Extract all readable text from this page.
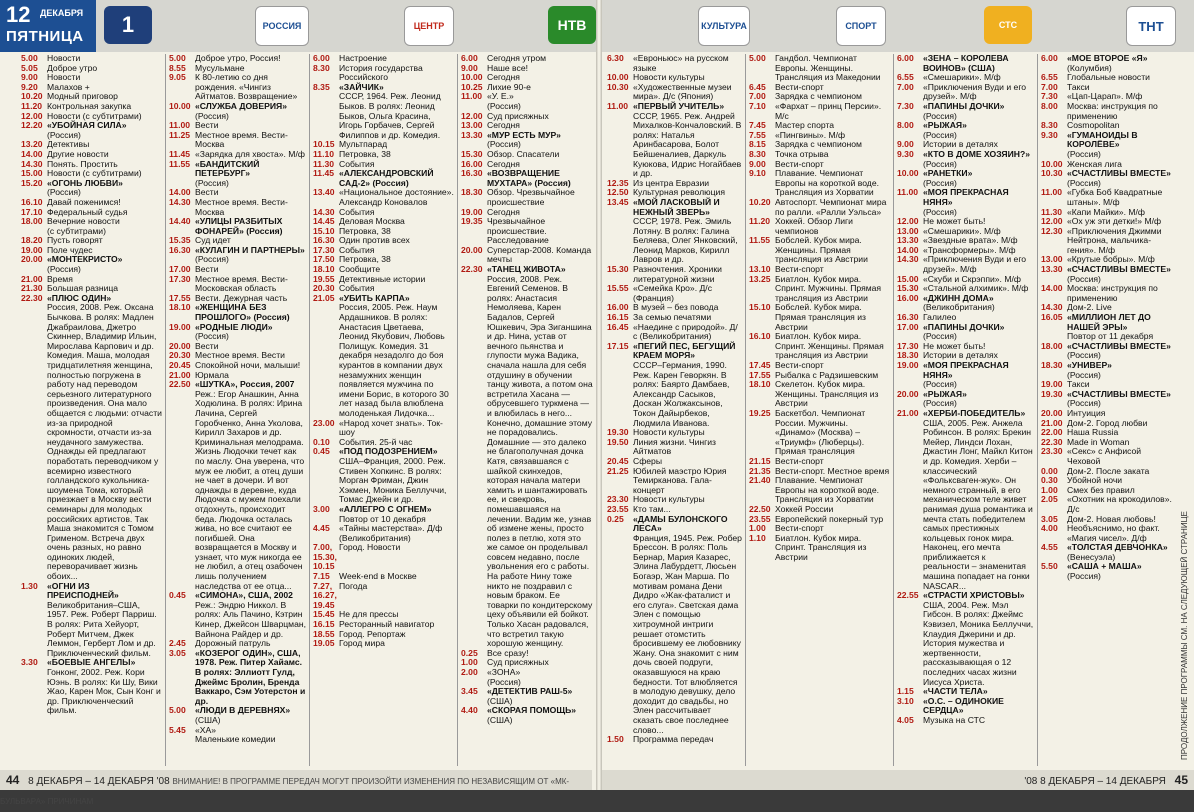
12 ДЕКАБРЯ
ПЯТНИЦА 1	РОССИЯ	ЦЕНТР	НТВ	КУЛЬТУРА	СПОРТ	СТС	ТНТ
5.00	Новости
5.05	Доброе утро
9.00	Новости
9.20	Малахов +
10.20 Модный приговор
11.20 Контрольная закупка
12.00 Новости (с субтитрами)
12.20 «УБОЙНАЯ СИЛА»
(Россия)
13.20 Детективы
14.00 Другие новости
14.30 Понять. Простить
15.00 Новости (с субтитрами)
15.20 «ОГОНЬ ЛЮБВИ»
(Россия)
16.10 Давай поженимся!
17.10 Федеральный судья
18.00 Вечерние новости
(с субтитрами)
18.20 Пусть говорят
19.00 Поле чудес
20.00 «МОНТЕКРИСТО»
(Россия)
21.00 Время
21.30 Большая разница
22.30 «ПЛЮС ОДИН»
Россия, 2008. Реж. Оксана Бычкова. В ролях: Мадлен Джабраилова, Джетро Скиннер, Владимир Ильин, Мирослава Карпович и др. Комедия. Маша, молодая тридцатилетняя женщина, полностью погружена в работу над переводом серьезного литературного произведения. Она мало общается с людьми: отчасти из-за природной скромности, отчасти из-за неудачного замужества. Однажды ей предлагают поработать переводчиком у всемирно известного голландского кукольника-шоумена Тома, который приезжает в Москву вести семинары для молодых российских артистов. Так Маша знакомится с Томом Грименом. Встреча двух очень разных, но равно одиноких людей, переворачивает жизнь обоих...
1.30	«ОГНИ ИЗ ПРЕИСПОДНЕЙ»
Великобритания–США, 1957. Реж. Роберт Парриш. В ролях: Рита Хейуорт, Роберт Митчем, Джек Леммон, Герберт Лом и др. Приключенческий фильм.
3.30	«БОЕВЫЕ АНГЕЛЫ»
Гонконг, 2002. Реж. Кори Юэнь. В ролях: Ки Шу, Вики Жао, Карен Мок, Сын Конг и др. Приключенческий фильм.
5.00	Доброе утро, Россия!
8.55	Мусульмане
9.05	К 80-летию со дня рождения. «Чингиз Айтматов. Возвращение»
10.00 «СЛУЖБА ДОВЕРИЯ»
(Россия)
11.00 Вести
11.25 Местное время. Вести-Москва
11.45 «Зарядка для хвоста». М/ф
11.55 «БАНДИТСКИЙ ПЕТЕРБУРГ»
(Россия)
14.00 Вести
14.30 Местное время. Вести-Москва
14.40 «УЛИЦЫ РАЗБИТЫХ ФОНАРЕЙ» (Россия)
15.35 Суд идет
16.30 «КУЛАГИН И ПАРТНЕРЫ»
(Россия)
17.00 Вести
17.30 Местное время. Вести-Московская область
17.55 Вести. Дежурная часть
18.10 «ЖЕНЩИНА БЕЗ ПРОШЛОГО» (Россия)
19.00 «РОДНЫЕ ЛЮДИ»
(Россия)
20.00 Вести
20.30 Местное время. Вести
20.45 Спокойной ночи, малыши!
21.00 Юрмала
22.50 «ШУТКА», Россия, 2007
Реж.: Егор Анашкин, Анна Ходюлина. В ролях: Ирина Лачина, Сергей Горобченко, Анна Уколова, Кирилл Захаров и др. Криминальная мелодрама. Жизнь Людочки течет как по маслу. Она уверена, что муж ее любит, а отец души не чает в дочери. И вот однажды в деревне, куда Людочка с мужем поехали отдохнуть, происходит беда. Людочка осталась жива, но все считают ее погибшей. Она возвращается в Москву и узнает, что муж никогда ее не любил, а отец озабочен лишь получением наследства от ее отца...
0.45	«СИМОНА», США, 2002
Реж.: Эндрю Никкол. В ролях: Аль Пачино, Кэтрин Кинер, Джейсон Шварцман, Вайнона Райдер и др.
2.45	Дорожный патруль
3.05	«КОЗЕРОГ ОДИН», США, 1978. Реж. Питер Хайамс. В ролях: Эллиотт Гулд, Джеймс Бролин, Бренда Ваккаро, Сэм Уотерстон и др.
5.00	«ЛЮДИ В ДЕРЕВНЯХ»
(США)
5.45	«ХА»
Маленькие комедии
6.00	Настроение
8.30	История государства Российского
8.35	«ЗАЙЧИК»
СССР, 1964. Реж. Леонид Быков. В ролях: Леонид Быков, Ольга Красина, Игорь Горбачев, Сергей Филиппов и др. Комедия.
10.15 Мультпарад
11.10 Петровка, 38
11.30 События
11.45 «АЛЕКСАНДРОВСКИЙ САД-2» (Россия)
13.40 «Национальное достояние». Александр Коновалов
14.30 События
14.45 Деловая Москва
15.10 Петровка, 38
16.30 Один против всех
17.30 События
17.50 Петровка, 38
18.10 Сообщите
19.55 Детективные истории
20.30 События
21.05 «УБИТЬ КАРПА»
Россия, 2005. Реж. Наум Ардашников. В ролях: Анастасия Цветаева, Леонид Якубович, Любовь Полищук. Комедия. 31 декабря незадолго до боя курантов в компании двух незамужних женщин появляется мужчина по имени Борис, в которого 30 лет назад была влюблена молоденькая Лидочка...
23.00 «Народ хочет знать». Ток-шоу
0.10	События. 25-й час
0.45	«ПОД ПОДОЗРЕНИЕМ»
США–Франция, 2000. Реж. Стивен Хопкинс. В ролях: Морган Фриман, Джин Хэкмен, Моника Беллуччи, Томас Джейн и др.
3.00	«АЛЛЕГРО С ОГНЕМ»
Повтор от 10 декабря
4.45	«Тайны мастерства». Д/ф (Великобритания)
7.00, 15.30, 10.15
Город. Новости
7.15	Week-end в Москве
7.27, 16.27, 19.45
Погода
15.45 Не для прессы
16.15 Ресторанный навигатор
18.55 Город. Репортаж
19.05 Город мира
6.00	Сегодня утром
9.00	Наше все!
10.00 Сегодня
10.25 Лихие 90-е
11.00 «У. Е.»
(Россия)
12.00 Суд присяжных
13.00 Сегодня
13.30 «МУР ЕСТЬ МУР»
(Россия)
15.30 Обзор. Спасатели
16.00 Сегодня
16.30 «ВОЗВРАЩЕНИЕ МУХТАРА» (Россия)
18.30 Обзор. Чрезвычайное происшествие
19.00 Сегодня
19.35 Чрезвычайное происшествие. Расследование
20.00 Суперстар-2008. Команда мечты
22.30 «ТАНЕЦ ЖИВОТА»
Россия, 2008. Реж. Евгений Семенов. В ролях: Анастасия Немоляева, Карен Бадалов, Сергей Юшкевич, Эра Зиганшина и др. Нина, устав от вечного пьянства и глупости мужа Вадика, сначала нашла для себя отдушину в обучении танцу живота, а потом она встретила Хасана — обрусевшего туркмена — и влюбилась в него... Конечно, домашние этому не порадовались. Домашние — это далеко не благополучная дочка Катя, связавшаяся с шайкой скинхедов, которая начала матери хамить и шантажировать ее, и свекровь, помешавшаяся на лечении. Вадим же, узнав об измене жены, просто полез в петлю, хотя это же самое он проделывал совсем недавно, после увольнения его с работы. На работе Нину тоже никто не поздравил с новым браком. Ее товарки по кондитерскому цеху объявили ей бойкот. Только Хасан радовался, что встретил такую хорошую женщину.
0.25	Все сразу!
1.00	Суд присяжных
2.00	«ЗОНА»
(Россия)
3.45	«ДЕТЕКТИВ РАШ-5»
(США)
4.40	«СКОРАЯ ПОМОЩЬ»
(США)
6.30	«Евроньюс» на русском языке
10.00 Новости культуры
10.30 «Художественные музеи мира». Д/с (Япония)
11.00 «ПЕРВЫЙ УЧИТЕЛЬ»
СССР, 1965. Реж. Андрей Михалков-Кончаловский. В ролях: Наталья Аринбасарова, Болот Бейшеналиев, Даркуль Куюкова, Идрис Ногайбаев и др.
12.35 Из центра Евразии
12.50 Культурная революция
13.45 «МОЙ ЛАСКОВЫЙ И НЕЖНЫЙ ЗВЕРЬ»
СССР, 1978. Реж. Эмиль Лотяну. В ролях: Галина Беляева, Олег Янковский, Леонид Марков, Кирилл Лавров и др.
15.30 Разночтения. Хроники литературной жизни
15.55 «Семейка Кро». Д/с (Франция)
16.00 В музей – без повода
16.15 За семью печатями
16.45 «Наедине с природой». Д/с (Великобритания)
17.15 «ПЕГИЙ ПЕС, БЕГУЩИЙ КРАЕМ МОРЯ»
СССР–Германия, 1990. Реж. Карен Геворкян. В ролях: Баярто Дамбаев, Александр Сасыков, Доскан Жолжаксынов, Токон Дайырбеков, Людмила Иванова.
19.30 Новости культуры
19.50 Линия жизни. Чингиз Айтматов
20.45 Сферы
21.25 Юбилей маэстро Юрия Темирканова. Гала-концерт
23.30 Новости культуры
23.55 Кто там...
0.25	«ДАМЫ БУЛОНСКОГО ЛЕСА»
Франция, 1945. Реж. Робер Брессон. В ролях: Поль Бернар, Мария Казарес, Элина Лабурдетт, Люсьен Богаэр, Жан Маршa. По мотивам романа Дени Дидро «Жак-фаталист и его слуга». Светская дама Элен с помощью хитроумной интриги решает отомстить бросившему ее любовнику Жану. Она знакомит с ним дочь своей подруги, оказавшуюся на краю бедности. Тот влюбляется в молодую девушку, дело доходит до свадьбы, но Элен рассчитывает сказать свое последнее слово...
1.50	Программа передач
5.00	Гандбол. Чемпионат Европы. Женщины. Трансляция из Македонии
6.45	Вести-спорт
7.00	Зарядка с чемпионом
7.10	«Фархат – принц Персии». М/с
7.45	Мастер спорта
7.55	«Пингвины». М/ф
8.15	Зарядка с чемпионом
8.30	Точка отрыва
9.00	Вести-спорт
9.10	Плавание. Чемпионат Европы на короткой воде. Трансляция из Хорватии
10.20 Автоспорт. Чемпионат мира по ралли. «Ралли Уэльса»
11.20 Хоккей. Обзор Лиги чемпионов
11.55 Бобслей. Кубок мира. Женщины. Прямая трансляция из Австрии
13.10 Вести-спорт
13.25 Биатлон. Кубок мира. Спринт. Мужчины. Прямая трансляция из Австрии
15.10 Бобслей. Кубок мира. Прямая трансляция из Австрии
16.10 Биатлон. Кубок мира. Спринт. Женщины. Прямая трансляция из Австрии
17.45 Вести-спорт
17.55 Рыбалка с Радзишевским
18.10 Скелетон. Кубок мира. Женщины. Трансляция из Австрии
19.25 Баскетбол. Чемпионат России. Мужчины. «Динамо» (Москва) – «Триумф» (Люберцы). Прямая трансляция
21.15 Вести-спорт
21.35 Вести-спорт. Местное время
21.40 Плавание. Чемпионат Европы на короткой воде. Трансляция из Хорватии
22.50 Хоккей России
23.55 Европейский покерный тур
1.00	Вести-спорт
1.10	Биатлон. Кубок мира. Спринт. Трансляция из Австрии
6.00	«ЗЕНА – КОРОЛЕВА ВОИНОВ» (США)
6.55	«Смешарики». М/ф
7.00	«Приключения Вуди и его друзей». М/ф
7.30	«ПАПИНЫ ДОЧКИ»
(Россия)
8.00	«РЫЖАЯ»
(Россия)
9.00	Истории в деталях
9.30	«КТО В ДОМЕ ХОЗЯИН?»
(Россия)
10.00 «РАНЕТКИ»
(Россия)
11.00 «МОЯ ПРЕКРАСНАЯ НЯНЯ»
(Россия)
12.00 Не может быть!
13.00 «Смешарики». М/ф
13.30 «Звездные врата». М/ф
14.00 «Трансформеры». М/ф
14.30 «Приключения Вуди и его друзей». М/ф
15.00 «Скуби и Скрэппи». М/ф
15.30 «Стальной алхимик». М/ф
16.00 «ДЖИНН ДОМА»
(Великобритания)
16.30 Галилео
17.00 «ПАПИНЫ ДОЧКИ»
(Россия)
17.30 Не может быть!
18.30 Истории в деталях
19.00 «МОЯ ПРЕКРАСНАЯ НЯНЯ»
(Россия)
20.00 «РЫЖАЯ»
(Россия)
21.00 «ХЕРБИ-ПОБЕДИТЕЛЬ»
США, 2005. Реж. Анжела Робинсон. В ролях: Брекин Мейер, Линдси Лохан, Джастин Лонг, Майкл Китон и др. Комедия. Херби – классический «Фольксваген-жук». Он немного странный, в его механическом теле живет ранимая душа романтика и мечта стать победителем самых престижных кольцевых гонок мира. Наконец, его мечта приближается к реальности – знаменитая машина попадает на гонки NASCAR...
22.55 «СТРАСТИ ХРИСТОВЫ»
США, 2004. Реж. Мэл Гибсон. В ролях: Джеймс Кэвизел, Моника Беллуччи, Клаудия Джерини и др. История мужества и жертвенности, рассказывающая о 12 последних часах жизни Иисуса Христа.
1.15	«ЧАСТИ ТЕЛА»
3.10	«О.С. – ОДИНОКИЕ СЕРДЦА»
4.05	Музыка на СТС
6.00	«МОЕ ВТОРОЕ «Я»
(Колумбия)
6.55	Глобальные новости
7.00	Такси
7.30	«Цап-Царап». М/ф
8.00	Москва: инструкция по применению
8.30	Cosmopolitan
9.30	«ГУМАНОИДЫ В КОРОЛЁВЕ»
(Россия)
10.00 Женская лига
10.30 «СЧАСТЛИВЫ ВМЕСТЕ»
(Россия)
11.00 «Губка Боб Квадратные штаны». М/ф
11.30 «Капи Майки». М/ф
12.00 «Ох уж эти детки!» М/ф
12.30 «Приключения Джимми Нейтрона, мальчика-гения». М/ф
13.00 «Крутые бобры». М/ф
13.30 «СЧАСТЛИВЫ ВМЕСТЕ»
(Россия)
14.00 Москва: инструкция по применению
14.30 Дом-2. Live
16.05 «МИЛЛИОН ЛЕТ ДО НАШЕЙ ЭРЫ»
Повтор от 11 декабря
18.00 «СЧАСТЛИВЫ ВМЕСТЕ»
(Россия)
18.30 «УНИВЕР»
(Россия)
19.00 Такси
19.30 «СЧАСТЛИВЫ ВМЕСТЕ»
(Россия)
20.00 Интуиция
21.00 Дом-2. Город любви
22.00 Наша Russia
22.30 Made in Woman
23.30 «Секс» с Анфисой Чеховой
0.00	Дом-2. После заката
0.30	Убойной ночи
1.00	Смех без правил
2.05	«Охотник на крокодилов». Д/с
3.05	Дом-2. Новая любовь!
4.00	Необъяснимо, но факт. «Магия чисел». Д/ф
4.55	«ТОЛСТАЯ ДЕВЧОНКА»
(Венесуэла)
5.50	«САША + МАША»
(Россия)	ПРОДОЛЖЕНИЕ ПРОГРАММЫ СМ. НА СЛЕДУЮЩЕЙ СТРАНИЦЕ
44 8 ДЕКАБРЯ – 14 ДЕКАБРЯ '08 ВНИМАНИЕ! В ПРОГРАММЕ ПЕРЕДАЧ МОГУТ ПРОИЗОЙТИ ИЗМЕНЕНИЯ ПО НЕЗАВИСЯЩИМ ОТ «МК-БУЛЬВАРА» ПРИЧИНАМ
'08 8 ДЕКАБРЯ – 14 ДЕКАБРЯ 45
